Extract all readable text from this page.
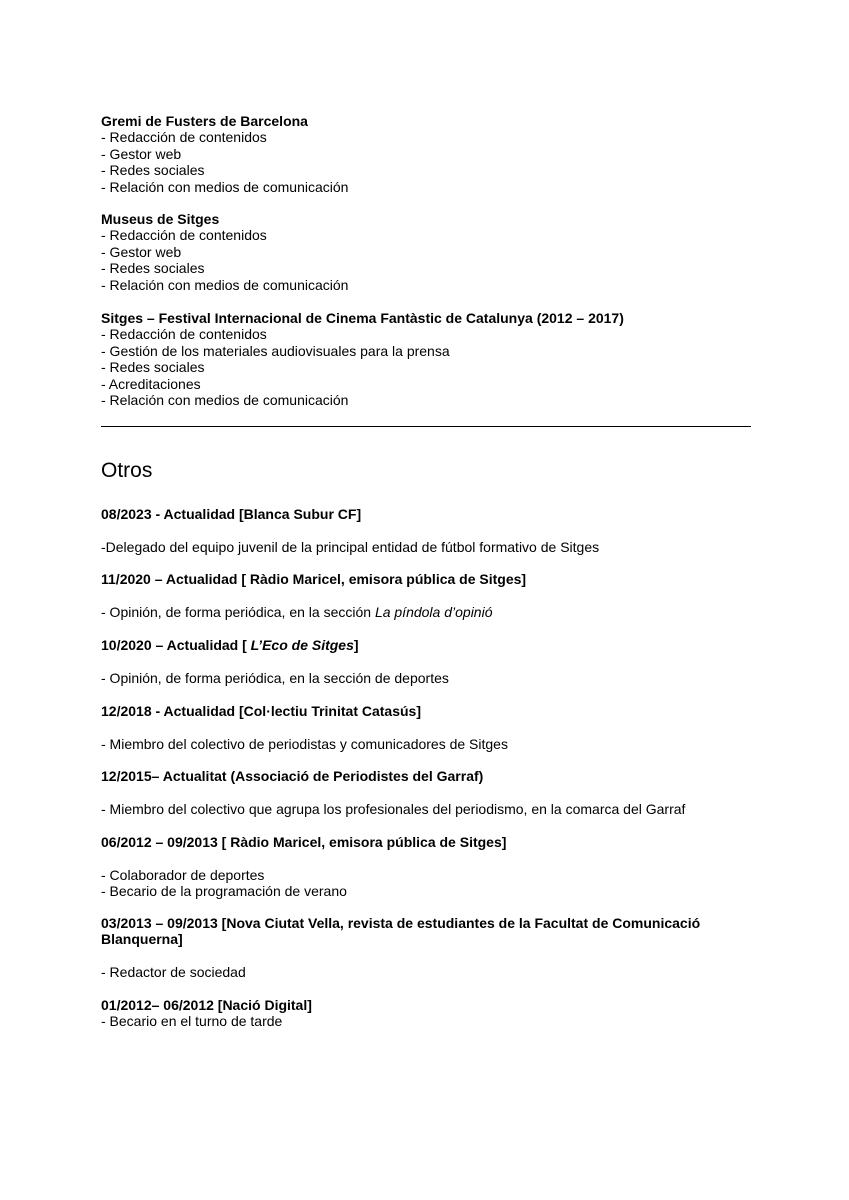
Gremi de Fusters de Barcelona
- Redacción de contenidos
- Gestor web
- Redes sociales
- Relación con medios de comunicación
Museus de Sitges
- Redacción de contenidos
- Gestor web
- Redes sociales
- Relación con medios de comunicación
Sitges – Festival Internacional de Cinema Fantàstic de Catalunya (2012 – 2017)
- Redacción de contenidos
- Gestión de los materiales audiovisuales para la prensa
- Redes sociales
- Acreditaciones
- Relación con medios de comunicación
Otros
08/2023 - Actualidad [Blanca Subur CF]
-Delegado del equipo juvenil de la principal entidad de fútbol formativo de Sitges
11/2020 – Actualidad [ Ràdio Maricel, emisora pública de Sitges]
- Opinión, de forma periódica, en la sección La píndola d’opinió
10/2020 – Actualidad [ L’Eco de Sitges]
- Opinión, de forma periódica, en la sección de deportes
12/2018 - Actualidad [Col·lectiu Trinitat Catasús]
- Miembro del colectivo de periodistas y comunicadores de Sitges
12/2015– Actualitat (Associació de Periodistes del Garraf)
- Miembro del colectivo que agrupa los profesionales del periodismo, en la comarca del Garraf
06/2012 – 09/2013 [ Ràdio Maricel, emisora pública de Sitges]
- Colaborador de deportes
- Becario de la programación de verano
03/2013 – 09/2013 [Nova Ciutat Vella, revista de estudiantes de la Facultat de Comunicació Blanquerna]
- Redactor de sociedad
01/2012– 06/2012 [Nació Digital]
- Becario en el turno de tarde
